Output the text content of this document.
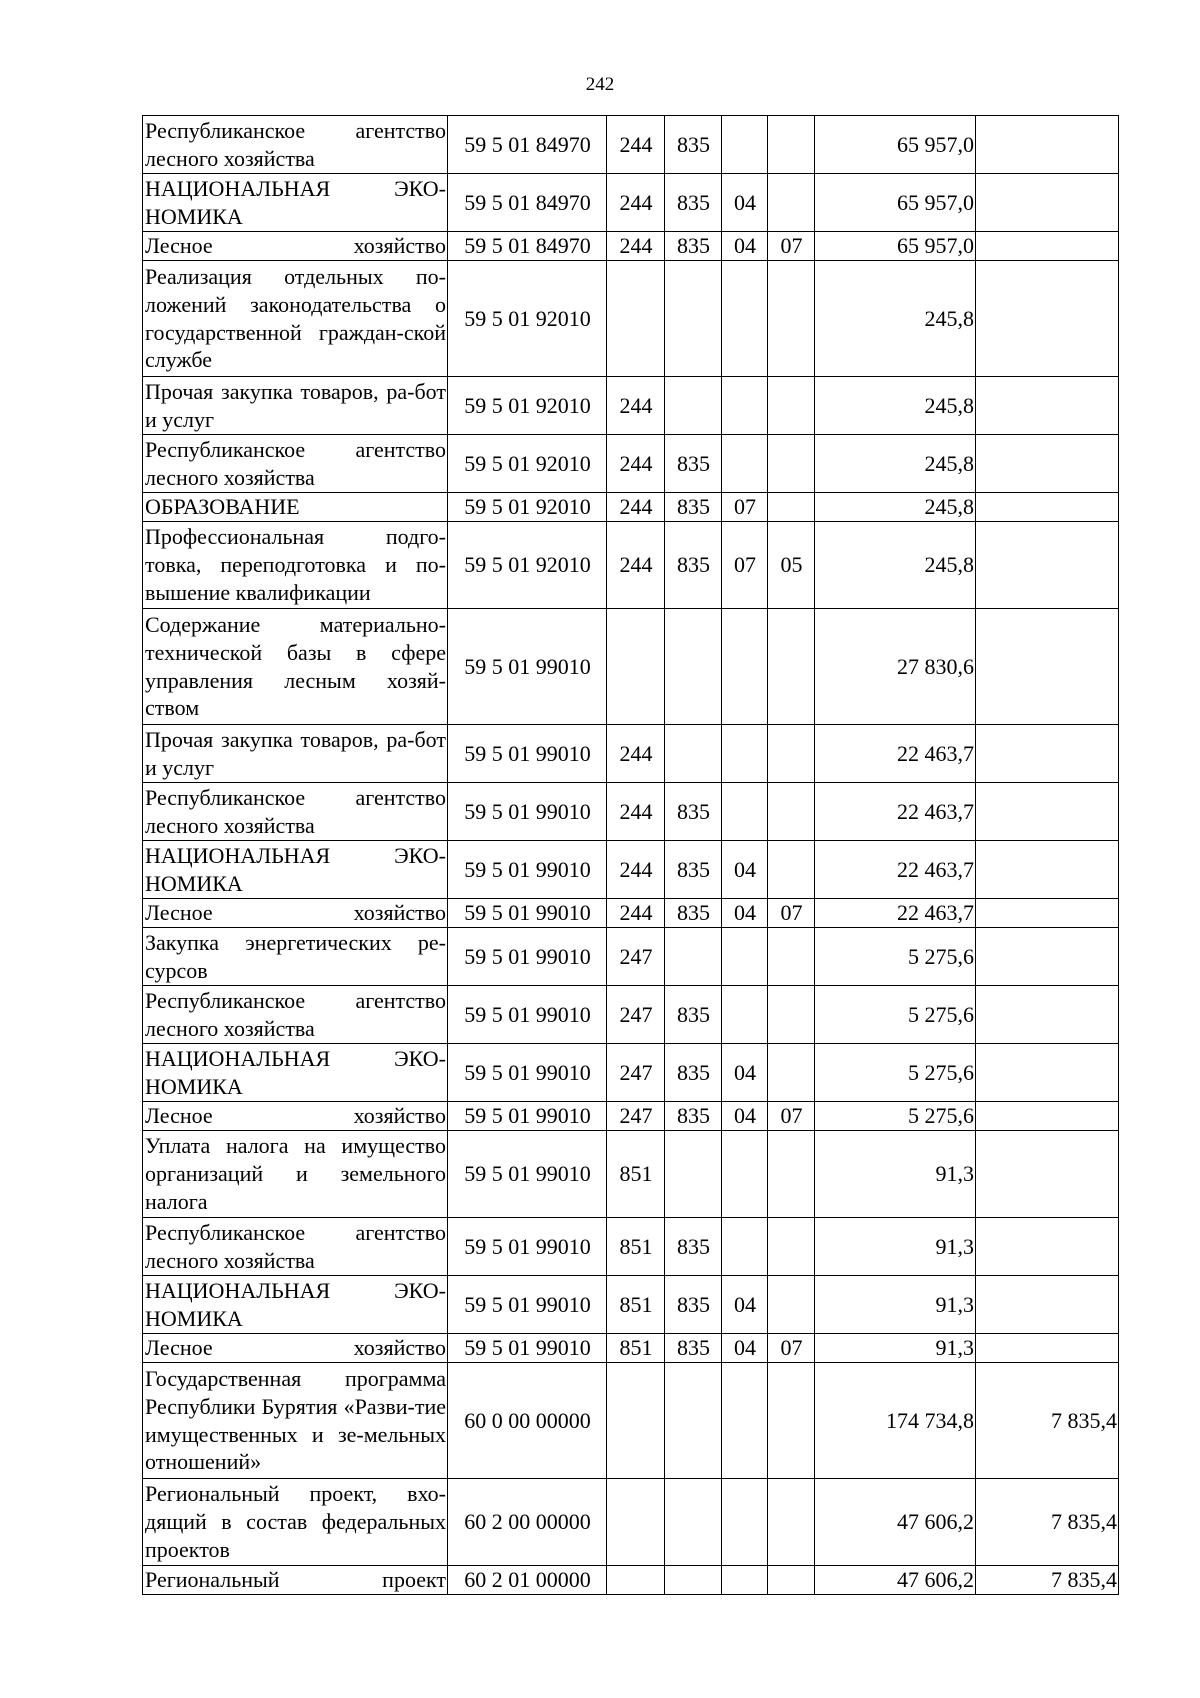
242
Республиканское агентство лесного хозяйства	59 5 01 84970	244	835			65 957,0	
НАЦИОНАЛЬНАЯ ЭКО-НОМИКА	59 5 01 84970	244	835	04		65 957,0	
Лесное хозяйство	59 5 01 84970	244	835	04	07	65 957,0	
Реализация отдельных по-ложений законодательства о государственной граждан-ской службе	59 5 01 92010					245,8	
Прочая закупка товаров, ра-бот и услуг	59 5 01 92010	244				245,8	
Республиканское агентство лесного хозяйства	59 5 01 92010	244	835			245,8	
ОБРАЗОВАНИЕ	59 5 01 92010	244	835	07		245,8	
Профессиональная подго-товка, переподготовка и по-вышение квалификации	59 5 01 92010	244	835	07	05	245,8	
Содержание материально-технической базы в сфере управления лесным хозяй-ством	59 5 01 99010					27 830,6	
Прочая закупка товаров, ра-бот и услуг	59 5 01 99010	244				22 463,7	
Республиканское агентство лесного хозяйства	59 5 01 99010	244	835			22 463,7	
НАЦИОНАЛЬНАЯ ЭКО-НОМИКА	59 5 01 99010	244	835	04		22 463,7	
Лесное хозяйство	59 5 01 99010	244	835	04	07	22 463,7	
Закупка энергетических ре-сурсов	59 5 01 99010	247				5 275,6	
Республиканское агентство лесного хозяйства	59 5 01 99010	247	835			5 275,6	
НАЦИОНАЛЬНАЯ ЭКО-НОМИКА	59 5 01 99010	247	835	04		5 275,6	
Лесное хозяйство	59 5 01 99010	247	835	04	07	5 275,6	
Уплата налога на имущество организаций и земельного налога	59 5 01 99010	851				91,3	
Республиканское агентство лесного хозяйства	59 5 01 99010	851	835			91,3	
НАЦИОНАЛЬНАЯ ЭКО-НОМИКА	59 5 01 99010	851	835	04		91,3	
Лесное хозяйство	59 5 01 99010	851	835	04	07	91,3	
Государственная программа Республики Бурятия «Разви-тие имущественных и зе-мельных отношений»	60 0 00 00000					174 734,8	7 835,4
Региональный проект, вхо-дящий в состав федеральных проектов	60 2 00 00000					47 606,2	7 835,4
Региональный проект	60 2 01 00000					47 606,2	7 835,4
